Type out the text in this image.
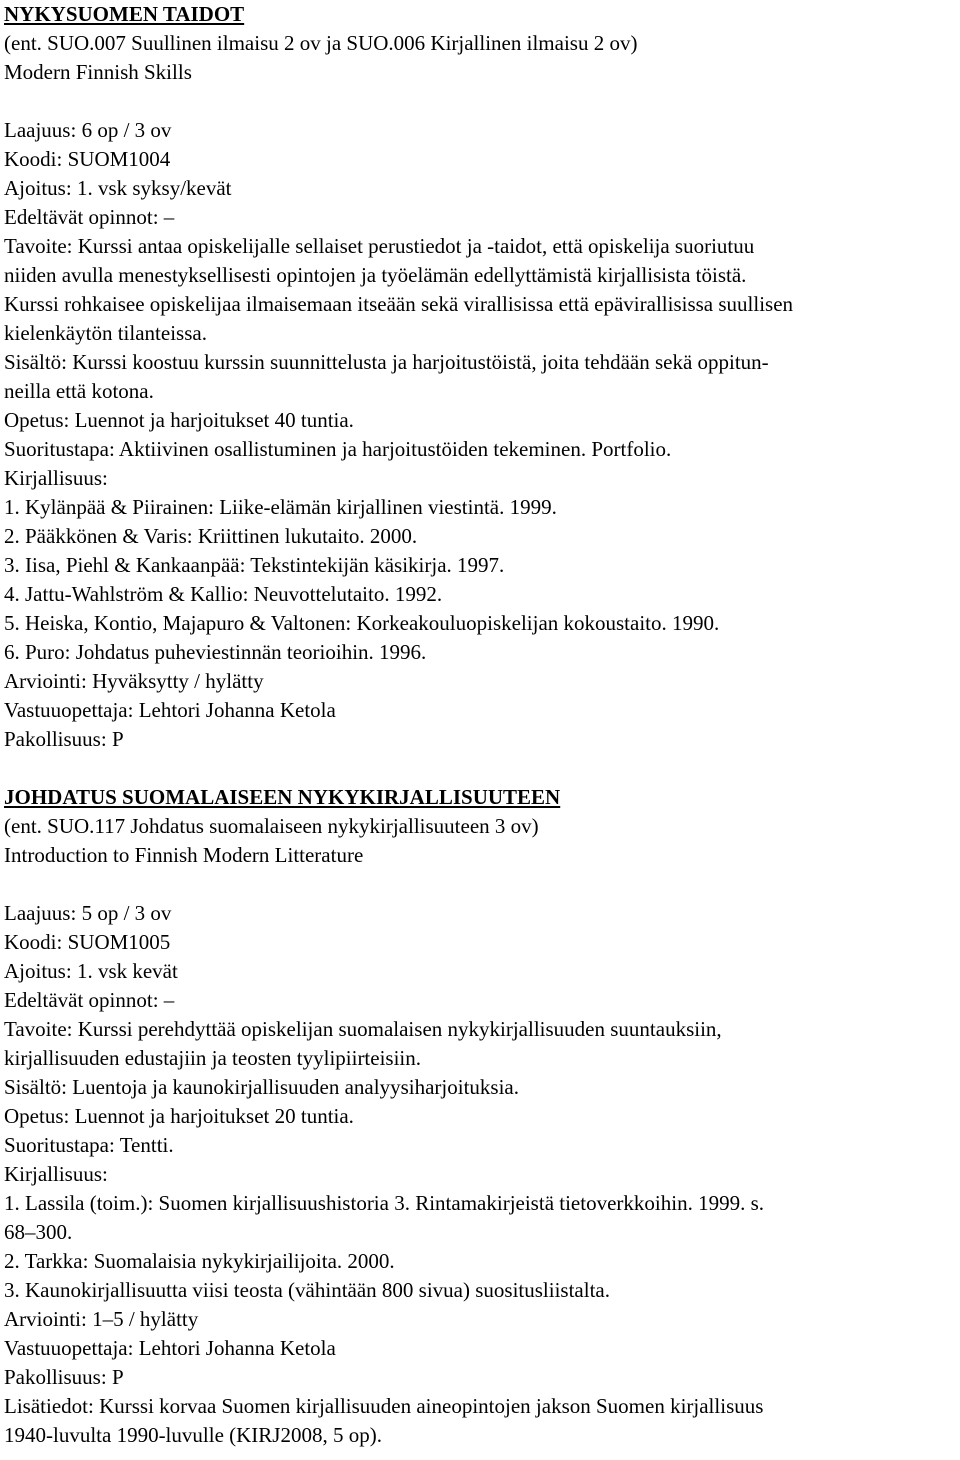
NYKYSUOMEN TAIDOT
(ent. SUO.007 Suullinen ilmaisu 2 ov ja SUO.006 Kirjallinen ilmaisu 2 ov)
Modern Finnish Skills
Laajuus: 6 op / 3 ov
Koodi: SUOM1004
Ajoitus: 1. vsk syksy/kevät
Edeltävät opinnot: –
Tavoite: Kurssi antaa opiskelijalle sellaiset perustiedot ja -taidot, että opiskelija suoriutuu
niiden avulla menestyksellisesti opintojen ja työelämän edellyttämistä kirjallisista töistä.
Kurssi rohkaisee opiskelijaa ilmaisemaan itseään sekä virallisissa että epävirallisissa suullisen
kielenkäytön tilanteissa.
Sisältö: Kurssi koostuu kurssin suunnittelusta ja harjoitustöistä, joita tehdään sekä oppitun-
neilla että kotona.
Opetus: Luennot ja harjoitukset 40 tuntia.
Suoritustapa: Aktiivinen osallistuminen ja harjoitustöiden tekeminen. Portfolio.
Kirjallisuus:
1. Kylänpää & Piirainen: Liike-elämän kirjallinen viestintä. 1999.
2. Pääkkönen & Varis: Kriittinen lukutaito. 2000.
3. Iisa, Piehl & Kankaanpää: Tekstintekijän käsikirja. 1997.
4. Jattu-Wahlström & Kallio: Neuvottelutaito. 1992.
5. Heiska, Kontio, Majapuro & Valtonen: Korkeakouluopiskelijan kokoustaito. 1990.
6. Puro: Johdatus puheviestinnän teorioihin. 1996.
Arviointi: Hyväksytty / hylätty
Vastuuopettaja: Lehtori Johanna Ketola
Pakollisuus: P
JOHDATUS SUOMALAISEEN NYKYKIRJALLISUUTEEN
(ent. SUO.117 Johdatus suomalaiseen nykykirjallisuuteen 3 ov)
Introduction to Finnish Modern Litterature
Laajuus: 5 op / 3 ov
Koodi: SUOM1005
Ajoitus: 1. vsk kevät
Edeltävät opinnot: –
Tavoite: Kurssi perehdyttää opiskelijan suomalaisen nykykirjallisuuden suuntauksiin,
kirjallisuuden edustajiin ja teosten tyylipiirteisiin.
Sisältö: Luentoja ja kaunokirjallisuuden analyysiharjoituksia.
Opetus: Luennot ja harjoitukset 20 tuntia.
Suoritustapa: Tentti.
Kirjallisuus:
1. Lassila (toim.): Suomen kirjallisuushistoria 3. Rintamakirjeistä tietoverkkoihin. 1999. s.
68–300.
2. Tarkka: Suomalaisia nykykirjailijoita. 2000.
3. Kaunokirjallisuutta viisi teosta (vähintään 800 sivua) suositusliistalta.
Arviointi: 1–5 / hylätty
Vastuuopettaja: Lehtori Johanna Ketola
Pakollisuus: P
Lisätiedot: Kurssi korvaa Suomen kirjallisuuden aineopintojen jakson Suomen kirjallisuus
1940-luvulta 1990-luvulle (KIRJ2008, 5 op).
